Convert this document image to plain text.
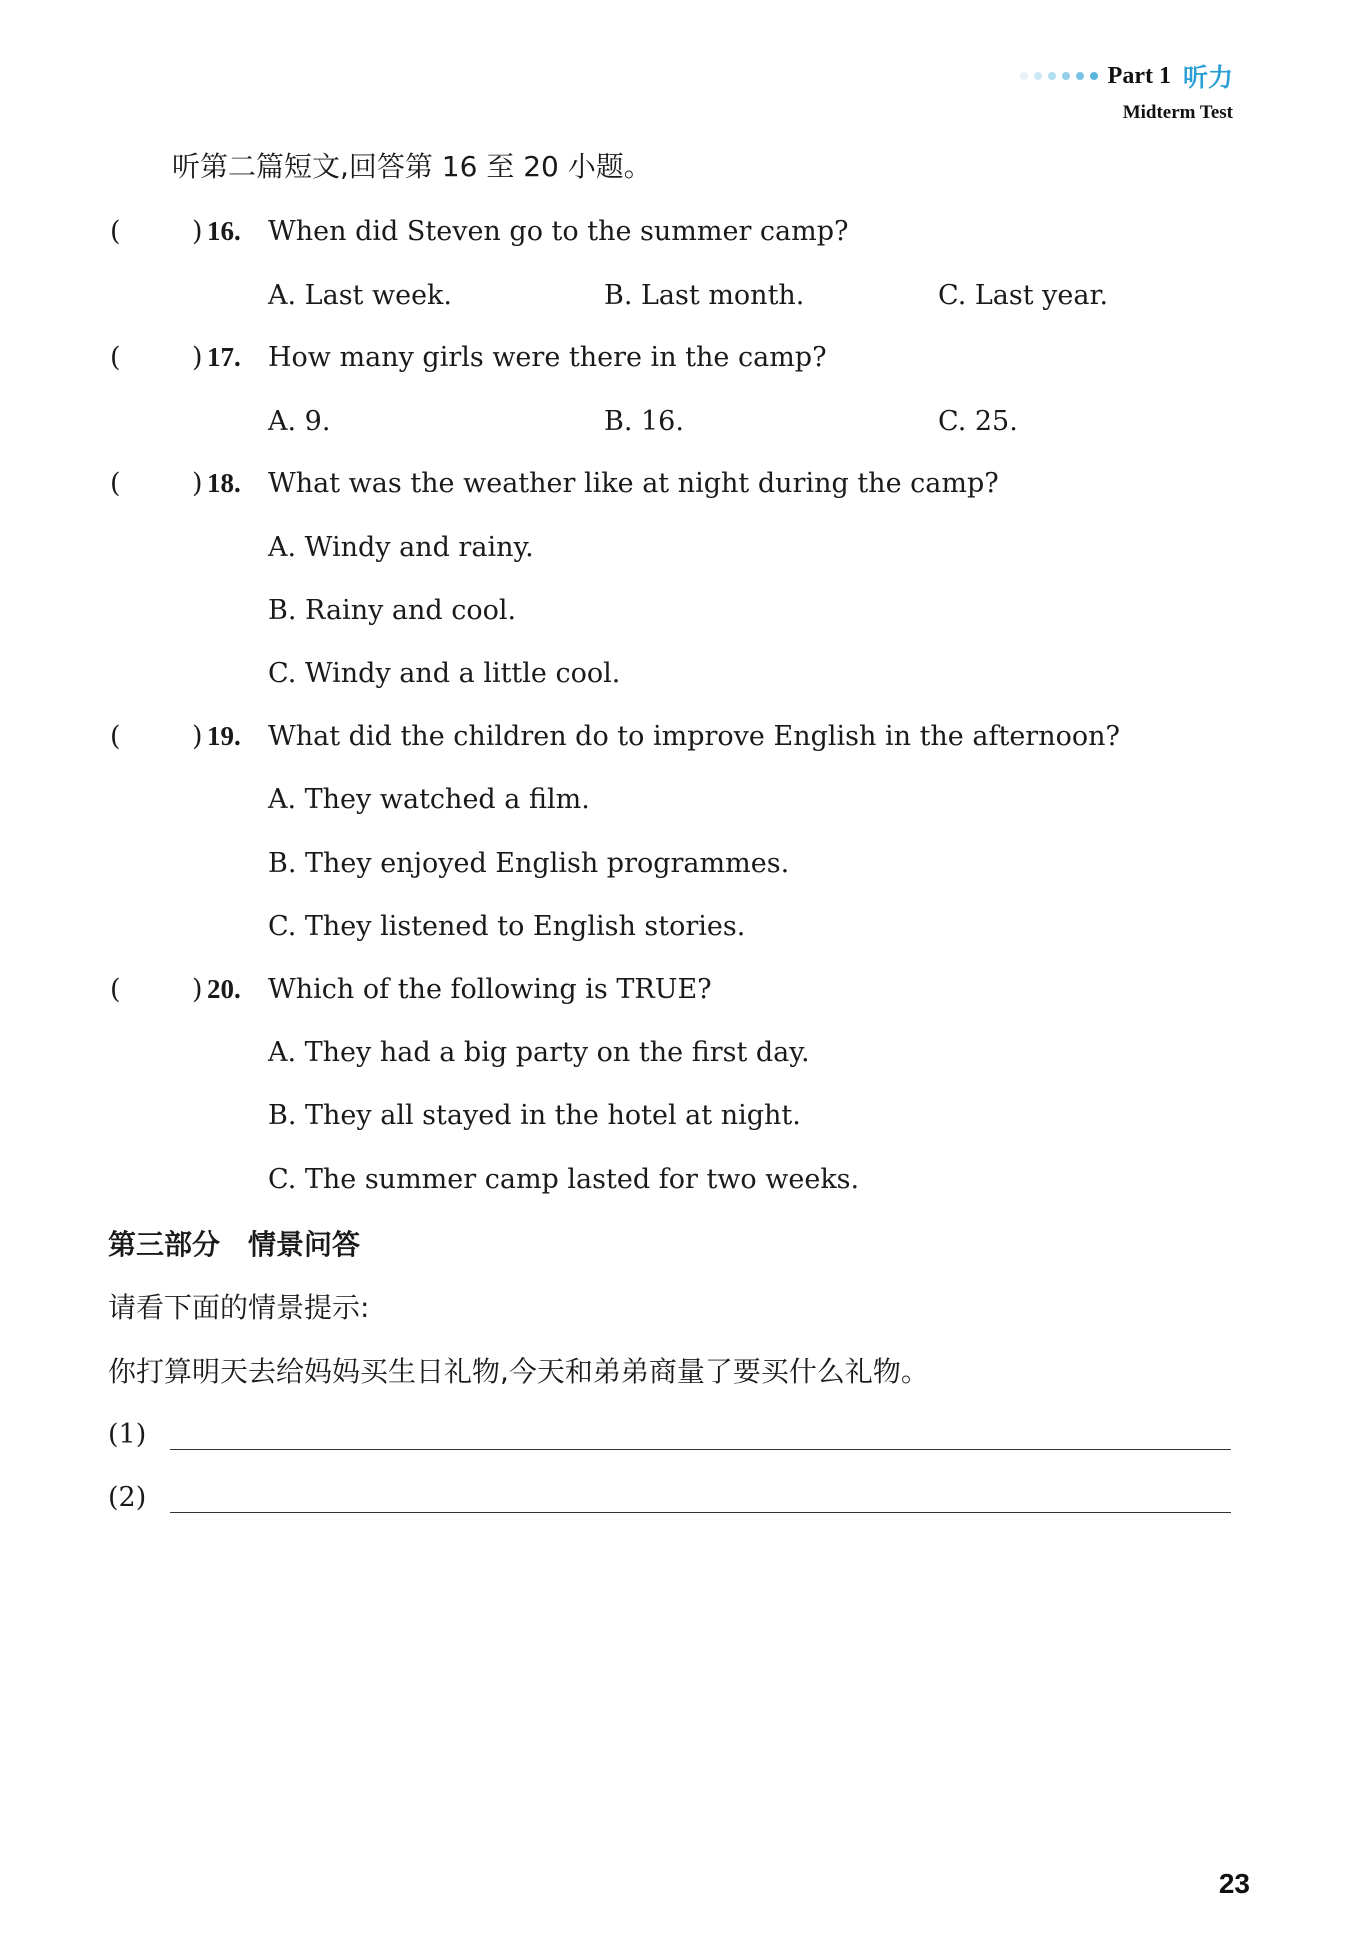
Part 1 听力
Midterm Test
听第二篇短文,回答第 16 至 20 小题。
(	) 16. When did Steven go to the summer camp?
A. Last week.	B. Last month.	C. Last year.
(	) 17. How many girls were there in the camp?
A. 9.	B. 16.	C. 25.
(	) 18. What was the weather like at night during the camp?
A. Windy and rainy.
B. Rainy and cool.
C. Windy and a little cool.
(	) 19. What did the children do to improve English in the afternoon?
A. They watched a film.
B. They enjoyed English programmes.
C. They listened to English stories.
(	) 20. Which of the following is TRUE?
A. They had a big party on the first day.
B. They all stayed in the hotel at night.
C. The summer camp lasted for two weeks.
第三部分　情景问答
请看下面的情景提示:
你打算明天去给妈妈买生日礼物,今天和弟弟商量了要买什么礼物。
(1)
(2)
23
